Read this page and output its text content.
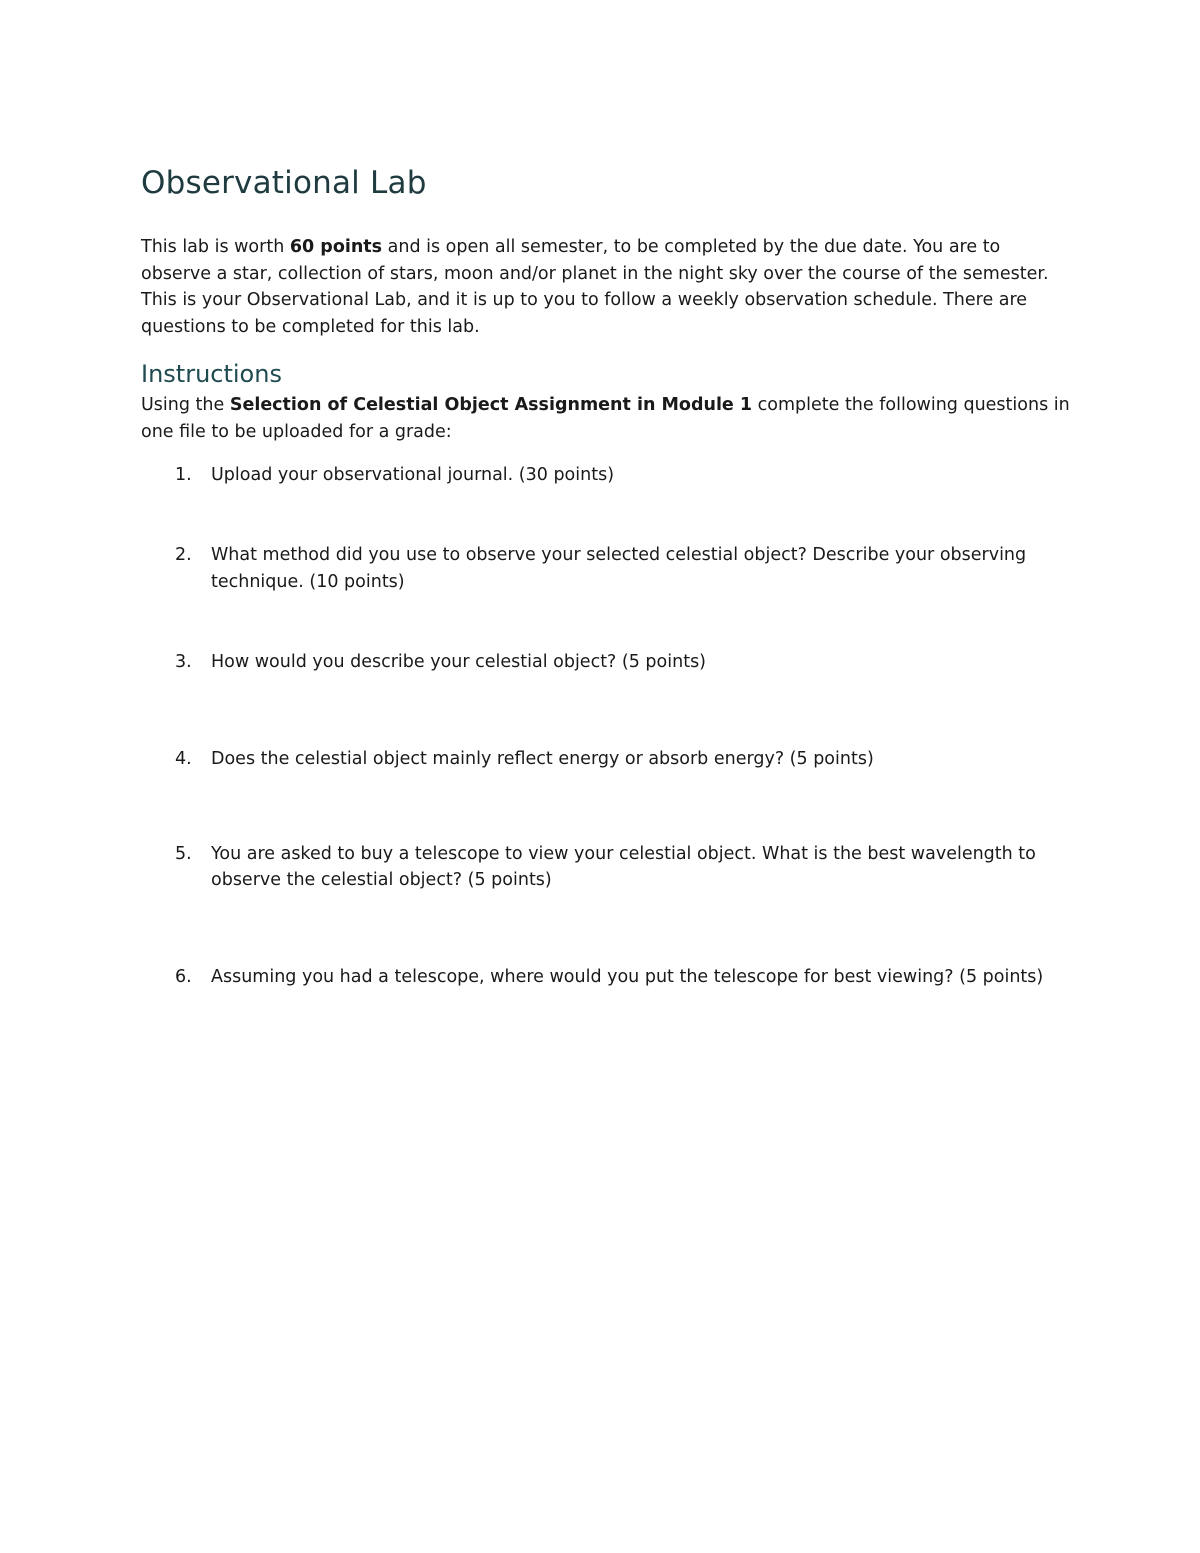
Observational Lab

This lab is worth 60 points and is open all semester, to be completed by the due date. You are to observe a star, collection of stars, moon and/or planet in the night sky over the course of the semester. This is your Observational Lab, and it is up to you to follow a weekly observation schedule. There are questions to be completed for this lab.

Instructions

Using the Selection of Celestial Object Assignment in Module 1 complete the following questions in one file to be uploaded for a grade:

1. Upload your observational journal. (30 points)
2. What method did you use to observe your selected celestial object? Describe your observing technique. (10 points)
3. How would you describe your celestial object? (5 points)
4. Does the celestial object mainly reflect energy or absorb energy? (5 points)
5. You are asked to buy a telescope to view your celestial object. What is the best wavelength to observe the celestial object? (5 points)
6. Assuming you had a telescope, where would you put the telescope for best viewing? (5 points)
